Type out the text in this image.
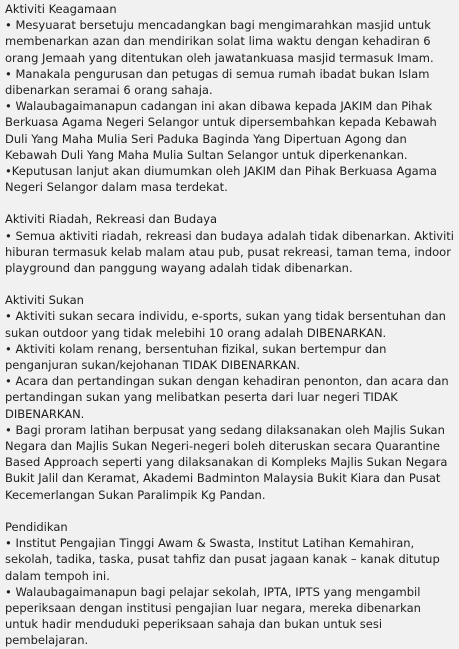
Aktiviti Keagamaan
• Mesyuarat bersetuju mencadangkan bagi mengimarahkan masjid untuk membenarkan azan dan mendirikan solat lima waktu dengan kehadiran 6 orang Jemaah yang ditentukan oleh jawatankuasa masjid termasuk Imam.
• Manakala pengurusan dan petugas di semua rumah ibadat bukan Islam dibenarkan seramai 6 orang sahaja.
• Walaubagaimanapun cadangan ini akan dibawa kepada JAKIM dan Pihak Berkuasa Agama Negeri Selangor untuk dipersembahkan kepada Kebawah Duli Yang Maha Mulia Seri Paduka Baginda Yang Dipertuan Agong dan Kebawah Duli Yang Maha Mulia Sultan Selangor untuk diperkenankan.
•Keputusan lanjut akan diumumkan oleh JAKIM dan Pihak Berkuasa Agama Negeri Selangor dalam masa terdekat.
Aktiviti Riadah, Rekreasi dan Budaya
• Semua aktiviti riadah, rekreasi dan budaya adalah tidak dibenarkan. Aktiviti hiburan termasuk kelab malam atau pub, pusat rekreasi, taman tema, indoor playground dan panggung wayang adalah tidak dibenarkan.
Aktiviti Sukan
• Aktiviti sukan secara individu, e-sports, sukan yang tidak bersentuhan dan sukan outdoor yang tidak melebihi 10 orang adalah DIBENARKAN.
• Aktiviti kolam renang, bersentuhan fizikal, sukan bertempur dan penganjuran sukan/kejohanan TIDAK DIBENARKAN.
• Acara dan pertandingan sukan dengan kehadiran penonton, dan acara dan pertandingan sukan yang melibatkan peserta dari luar negeri TIDAK DIBENARKAN.
• Bagi proram latihan berpusat yang sedang dilaksanakan oleh Majlis Sukan Negara dan Majlis Sukan Negeri-negeri boleh diteruskan secara Quarantine Based Approach seperti yang dilaksanakan di Kompleks Majlis Sukan Negara Bukit Jalil dan Keramat, Akademi Badminton Malaysia Bukit Kiara dan Pusat Kecemerlangan Sukan Paralimpik Kg Pandan.
Pendidikan
• Institut Pengajian Tinggi Awam & Swasta, Institut Latihan Kemahiran, sekolah, tadika, taska, pusat tahfiz dan pusat jagaan kanak – kanak ditutup dalam tempoh ini.
• Walaubagaimanapun bagi pelajar sekolah, IPTA, IPTS yang mengambil peperiksaan dengan institusi pengajian luar negara, mereka dibenarkan untuk hadir menduduki peperiksaan sahaja dan bukan untuk sesi pembelajaran.
